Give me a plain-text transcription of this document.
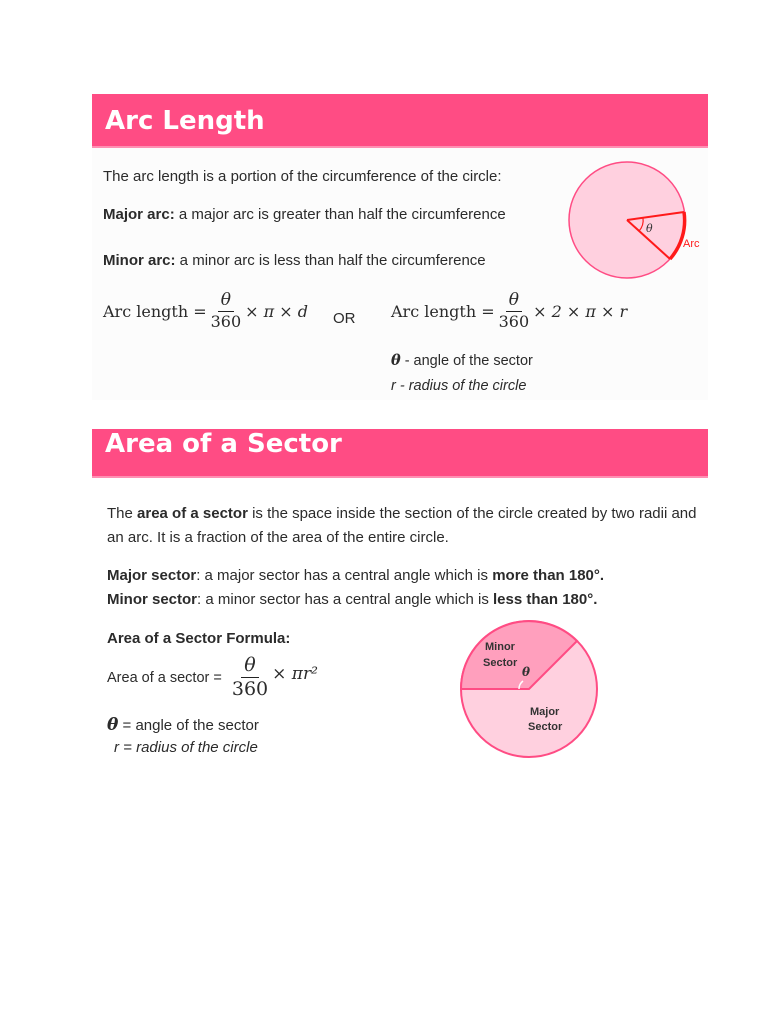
Arc Length
The arc length is a portion of the circumference of the circle:
Major arc: a major arc is greater than half the circumference
Minor arc: a minor arc is less than half the circumference
Arc length = $\frac{\theta}{360} \times \pi \times d$ OR Arc length = $\frac{\theta}{360} \times 2 \times \pi \times r$
θ - angle of the sector
r - radius of the circle
θ
Arc
Area of a Sector
The area of a sector is the space inside the section of the circle created by two radii and an arc. It is a fraction of the area of the entire circle.
Major sector: a major sector has a central angle which is more than 180°.
Minor sector: a minor sector has a central angle which is less than 180°.
Area of a Sector Formula:
Area of a sector = $\frac{\theta}{360} \times \pi r^2$
θ = angle of the sector
r = radius of the circle
Minor
Sector
θ
Major
Sector
